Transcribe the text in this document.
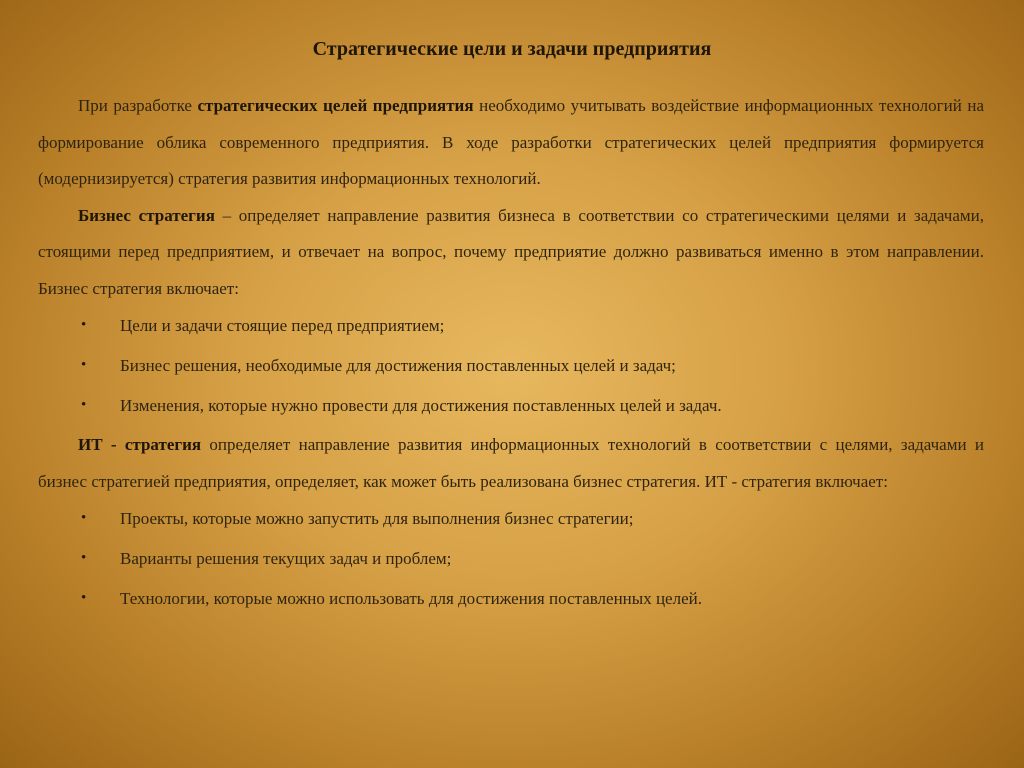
Стратегические цели и задачи предприятия

При разработке стратегических целей предприятия необходимо учитывать воздействие информационных технологий на формирование облика современного предприятия. В ходе разработки стратегических целей предприятия формируется (модернизируется) стратегия развития информационных технологий.

Бизнес стратегия – определяет направление развития бизнеса в соответствии со стратегическими целями и задачами, стоящими перед предприятием, и отвечает на вопрос, почему предприятие должно развиваться именно в этом направлении. Бизнес стратегия включает:

• Цели и задачи стоящие перед предприятием;
• Бизнес решения, необходимые для достижения поставленных целей и задач;
• Изменения, которые нужно провести для достижения поставленных целей и задач.

ИТ - стратегия определяет направление развития информационных технологий в соответствии с целями, задачами и бизнес стратегией предприятия, определяет, как может быть реализована бизнес стратегия. ИТ - стратегия включает:

• Проекты, которые можно запустить для выполнения бизнес стратегии;
• Варианты решения текущих задач и проблем;
• Технологии, которые можно использовать для достижения поставленных целей.
